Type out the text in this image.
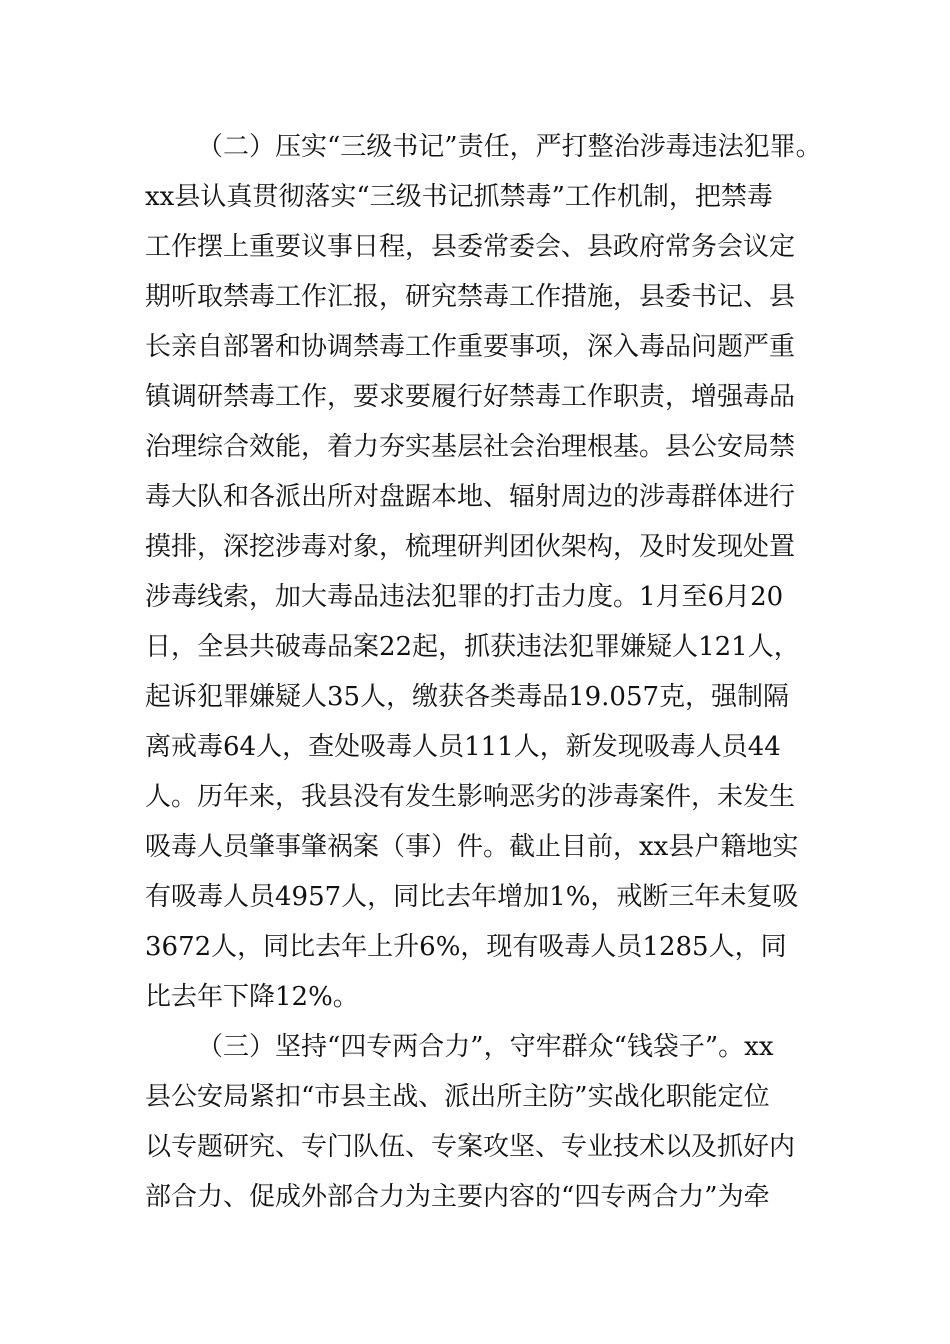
（二）压实“三级书记”责任，严打整治涉毒违法犯罪。
xx县认真贯彻落实“三级书记抓禁毒”工作机制，把禁毒
工作摆上重要议事日程，县委常委会、县政府常务会议定
期听取禁毒工作汇报，研究禁毒工作措施，县委书记、县
长亲自部署和协调禁毒工作重要事项，深入毒品问题严重
镇调研禁毒工作，要求要履行好禁毒工作职责，增强毒品
治理综合效能，着力夯实基层社会治理根基。县公安局禁
毒大队和各派出所对盘踞本地、辐射周边的涉毒群体进行
摸排，深挖涉毒对象，梳理研判团伙架构，及时发现处置
涉毒线索，加大毒品违法犯罪的打击力度。1月至6月20
日，全县共破毒品案22起，抓获违法犯罪嫌疑人121人，
起诉犯罪嫌疑人35人，缴获各类毒品19.057克，强制隔
离戒毒64人，查处吸毒人员111人，新发现吸毒人员44
人。历年来，我县没有发生影响恶劣的涉毒案件，未发生
吸毒人员肇事肇祸案（事）件。截止目前，xx县户籍地实
有吸毒人员4957人，同比去年增加1%，戒断三年未复吸
3672人，同比去年上升6%，现有吸毒人员1285人，同
比去年下降12%。
（三）坚持“四专两合力”，守牢群众“钱袋子”。xx
县公安局紧扣“市县主战、派出所主防”实战化职能定位
以专题研究、专门队伍、专案攻坚、专业技术以及抓好内
部合力、促成外部合力为主要内容的“四专两合力”为牵
